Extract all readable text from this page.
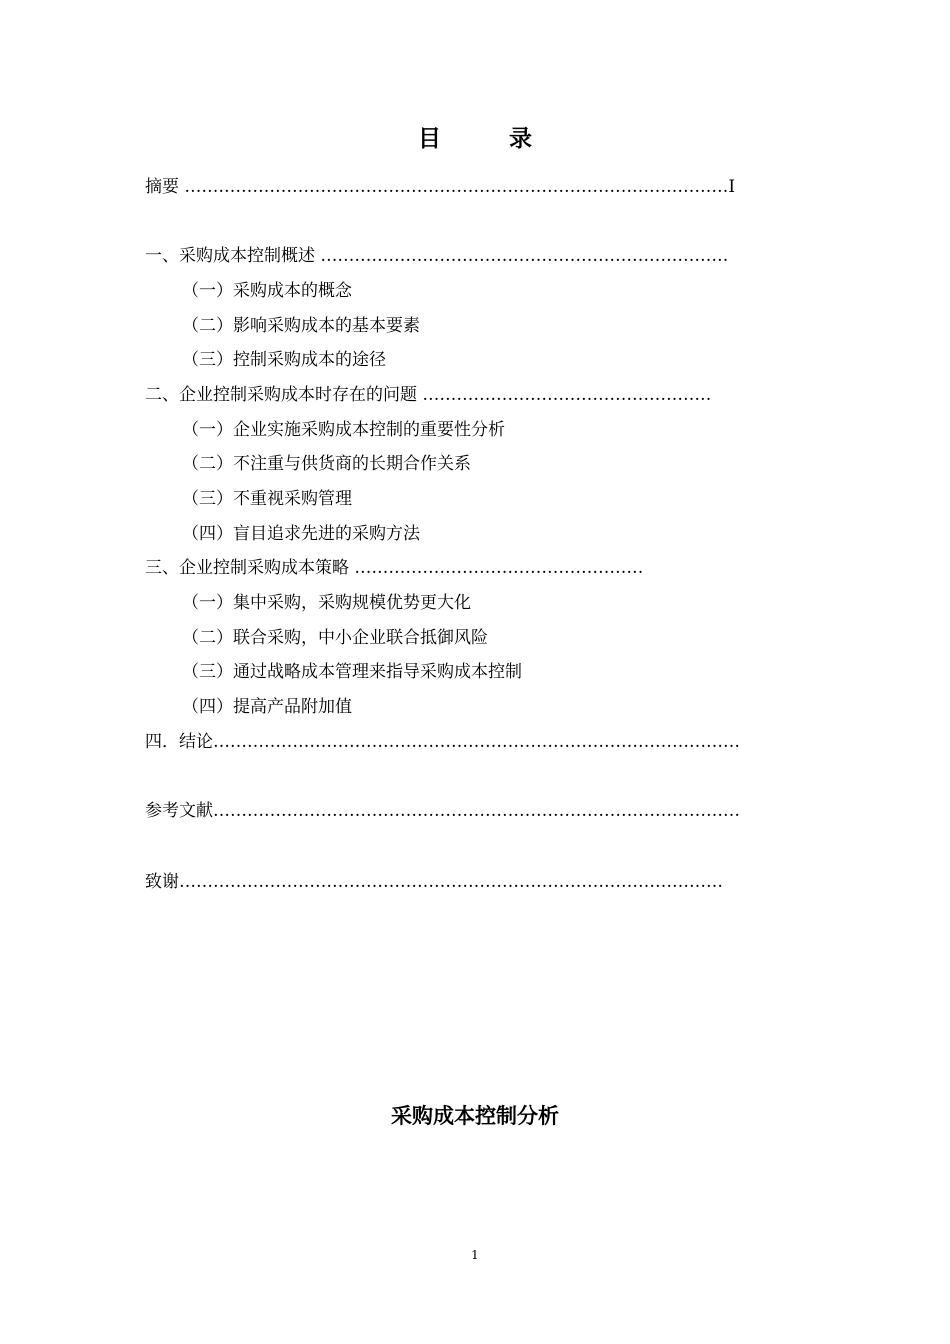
目 录
摘要 ……………………………………………………………………………………I
一、采购成本控制概述 ………………………………………………………………
（一）采购成本的概念
（二）影响采购成本的基本要素
（三）控制采购成本的途径
二、企业控制采购成本时存在的问题 ……………………………………………
（一）企业实施采购成本控制的重要性分析
（二）不注重与供货商的长期合作关系
（三）不重视采购管理
（四）盲目追求先进的采购方法
三、企业控制采购成本策略 ……………………………………………
（一）集中采购，采购规模优势更大化
（二）联合采购，中小企业联合抵御风险
（三）通过战略成本管理来指导采购成本控制
（四）提高产品附加值
四．结论…………………………………………………………………………………
参考文献…………………………………………………………………………………
致谢……………………………………………………………………………………
采购成本控制分析
1
